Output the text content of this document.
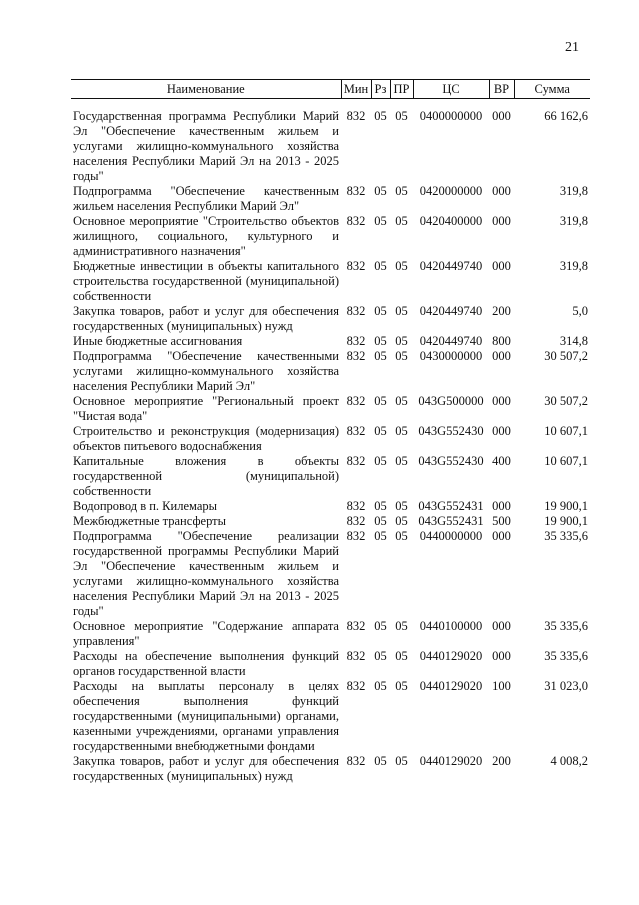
21
Наименование	Мин	Рз	ПР	ЦС	ВР	Сумма
Государственная программа Республики Марий Эл "Обеспечение качественным жильем и услугами жилищно-коммунального хозяйства населения Республики Марий Эл на 2013 - 2025 годы"	832	05	05	0400000000	000	66 162,6
Подпрограмма "Обеспечение качественным жильем населения Республики Марий Эл"	832	05	05	0420000000	000	319,8
Основное мероприятие "Строительство объектов жилищного, социального, культурного и административного назначения"	832	05	05	0420400000	000	319,8
Бюджетные инвестиции в объекты капитального строительства государственной (муниципальной) собственности	832	05	05	0420449740	000	319,8
Закупка товаров, работ и услуг для обеспечения государственных (муниципальных) нужд	832	05	05	0420449740	200	5,0
Иные бюджетные ассигнования	832	05	05	0420449740	800	314,8
Подпрограмма "Обеспечение качественными услугами жилищно-коммунального хозяйства населения Республики Марий Эл"	832	05	05	0430000000	000	30 507,2
Основное мероприятие "Региональный проект "Чистая вода"	832	05	05	043G500000	000	30 507,2
Строительство и реконструкция (модернизация) объектов питьевого водоснабжения	832	05	05	043G552430	000	10 607,1
Капитальные вложения в объекты государственной (муниципальной) собственности	832	05	05	043G552430	400	10 607,1
Водопровод в п. Килемары	832	05	05	043G552431	000	19 900,1
Межбюджетные трансферты	832	05	05	043G552431	500	19 900,1
Подпрограмма "Обеспечение реализации государственной программы Республики Марий Эл "Обеспечение качественным жильем и услугами жилищно-коммунального хозяйства населения Республики Марий Эл на 2013 - 2025 годы"	832	05	05	0440000000	000	35 335,6
Основное мероприятие "Содержание аппарата управления"	832	05	05	0440100000	000	35 335,6
Расходы на обеспечение выполнения функций органов государственной власти	832	05	05	0440129020	000	35 335,6
Расходы на выплаты персоналу в целях обеспечения выполнения функций государственными (муниципальными) органами, казенными учреждениями, органами управления государственными внебюджетными фондами	832	05	05	0440129020	100	31 023,0
Закупка товаров, работ и услуг для обеспечения государственных (муниципальных) нужд	832	05	05	0440129020	200	4 008,2
